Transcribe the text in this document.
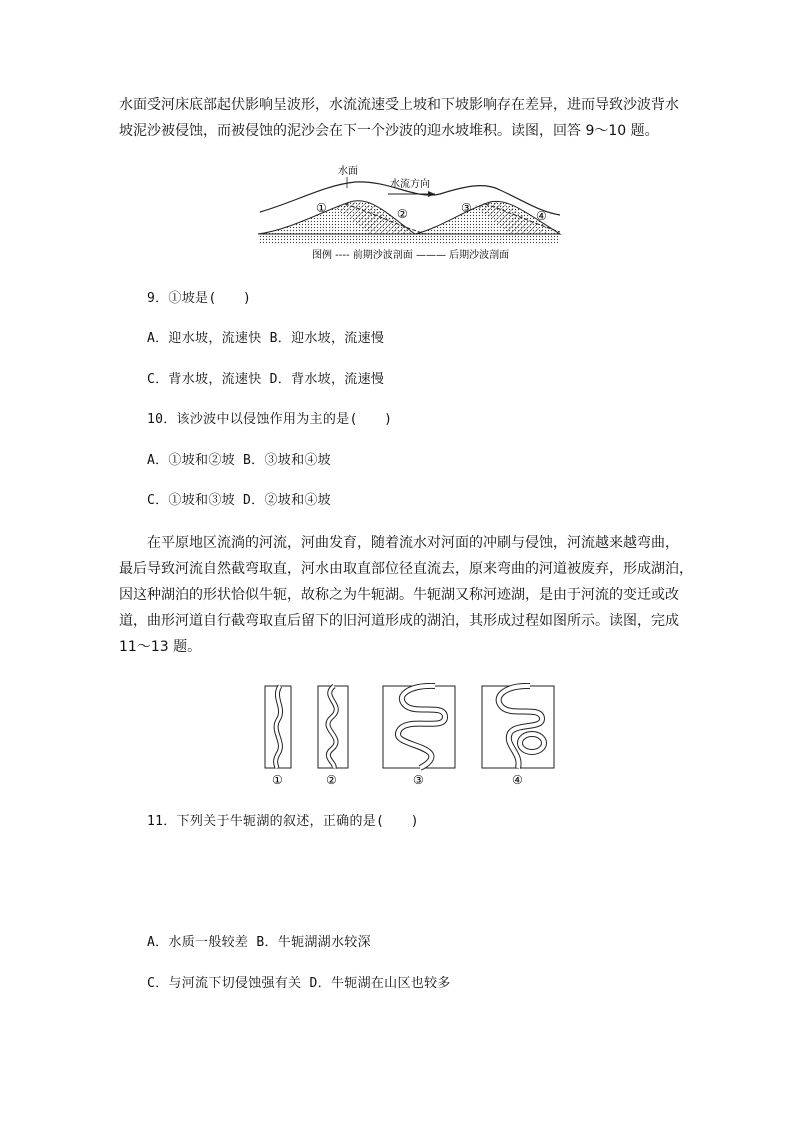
水面受河床底部起伏影响呈波形，水流流速受上坡和下坡影响存在差异，进而导致沙波背水
坡泥沙被侵蚀，而被侵蚀的泥沙会在下一个沙波的迎水坡堆积。读图，回答 9～10 题。
水面
水流方向
①	②	③
④
图例 ---- 前期沙波剖面 ——— 后期沙波剖面
9．①坡是(　　)
A．迎水坡，流速快 B．迎水坡，流速慢
C．背水坡，流速快 D．背水坡，流速慢
10．该沙波中以侵蚀作用为主的是(　　)
A．①坡和②坡 B．③坡和④坡
C．①坡和③坡 D．②坡和④坡
　　在平原地区流淌的河流，河曲发育，随着流水对河面的冲刷与侵蚀，河流越来越弯曲，
最后导致河流自然截弯取直，河水由取直部位径直流去，原来弯曲的河道被废弃，形成湖泊，
因这种湖泊的形状恰似牛轭，故称之为牛轭湖。牛轭湖又称河迹湖，是由于河流的变迁或改
道，曲形河道自行截弯取直后留下的旧河道形成的湖泊，其形成过程如图所示。读图，完成
11～13 题。
①	②	③	④
11．下列关于牛轭湖的叙述，正确的是(　　)
A．水质一般较差 B．牛轭湖湖水较深
C．与河流下切侵蚀强有关 D．牛轭湖在山区也较多
